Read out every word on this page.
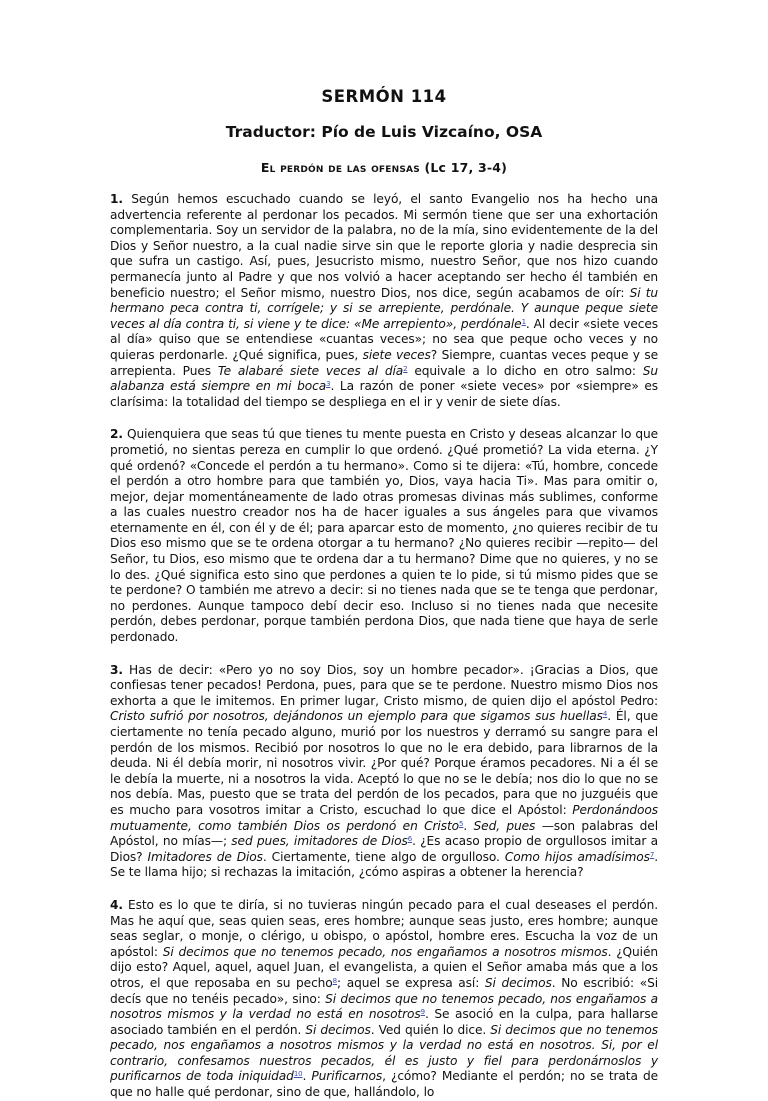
SERMÓN 114
Traductor: Pío de Luis Vizcaíno, OSA
El perdón de las ofensas (Lc 17, 3-4)

1. Según hemos escuchado cuando se leyó, el santo Evangelio nos ha hecho una advertencia referente al perdonar los pecados. Mi sermón tiene que ser una exhortación complementaria. Soy un servidor de la palabra, no de la mía, sino evidentemente de la del Dios y Señor nuestro, a la cual nadie sirve sin que le reporte gloria y nadie desprecia sin que sufra un castigo. Así, pues, Jesucristo mismo, nuestro Señor, que nos hizo cuando permanecía junto al Padre y que nos volvió a hacer aceptando ser hecho él también en beneficio nuestro; el Señor mismo, nuestro Dios, nos dice, según acabamos de oír: Si tu hermano peca contra ti, corrígele; y si se arrepiente, perdónale. Y aunque peque siete veces al día contra ti, si viene y te dice: «Me arrepiento», perdónale$^1$. Al decir «siete veces al día» quiso que se entendiese «cuantas veces»; no sea que peque ocho veces y no quieras perdonarle. ¿Qué significa, pues, siete veces? Siempre, cuantas veces peque y se arrepienta. Pues Te alabaré siete veces al día$^2$ equivale a lo dicho en otro salmo: Su alabanza está siempre en mi boca$^3$. La razón de poner «siete veces» por «siempre» es clarísima: la totalidad del tiempo se despliega en el ir y venir de siete días.

2. Quienquiera que seas tú que tienes tu mente puesta en Cristo y deseas alcanzar lo que prometió, no sientas pereza en cumplir lo que ordenó. ¿Qué prometió? La vida eterna. ¿Y qué ordenó? «Concede el perdón a tu hermano». Como si te dijera: «Tú, hombre, concede el perdón a otro hombre para que también yo, Dios, vaya hacia Ti». Mas para omitir o, mejor, dejar momentáneamente de lado otras promesas divinas más sublimes, conforme a las cuales nuestro creador nos ha de hacer iguales a sus ángeles para que vivamos eternamente en él, con él y de él; para aparcar esto de momento, ¿no quieres recibir de tu Dios eso mismo que se te ordena otorgar a tu hermano? ¿No quieres recibir —repito— del Señor, tu Dios, eso mismo que te ordena dar a tu hermano? Dime que no quieres, y no se lo des. ¿Qué significa esto sino que perdones a quien te lo pide, si tú mismo pides que se te perdone? O también me atrevo a decir: si no tienes nada que se te tenga que perdonar, no perdones. Aunque tampoco debí decir eso. Incluso si no tienes nada que necesite perdón, debes perdonar, porque también perdona Dios, que nada tiene que haya de serle perdonado.

3. Has de decir: «Pero yo no soy Dios, soy un hombre pecador». ¡Gracias a Dios, que confiesas tener pecados! Perdona, pues, para que se te perdone. Nuestro mismo Dios nos exhorta a que le imitemos. En primer lugar, Cristo mismo, de quien dijo el apóstol Pedro: Cristo sufrió por nosotros, dejándonos un ejemplo para que sigamos sus huellas$^4$. Él, que ciertamente no tenía pecado alguno, murió por los nuestros y derramó su sangre para el perdón de los mismos. Recibió por nosotros lo que no le era debido, para librarnos de la deuda. Ni él debía morir, ni nosotros vivir. ¿Por qué? Porque éramos pecadores. Ni a él se le debía la muerte, ni a nosotros la vida. Aceptó lo que no se le debía; nos dio lo que no se nos debía. Mas, puesto que se trata del perdón de los pecados, para que no juzguéis que es mucho para vosotros imitar a Cristo, escuchad lo que dice el Apóstol: Perdonándoos mutuamente, como también Dios os perdonó en Cristo$^5$. Sed, pues —son palabras del Apóstol, no mías—; sed pues, imitadores de Dios$^6$. ¿Es acaso propio de orgullosos imitar a Dios? Imitadores de Dios. Ciertamente, tiene algo de orgulloso. Como hijos amadísimos$^7$. Se te llama hijo; si rechazas la imitación, ¿cómo aspiras a obtener la herencia?

4. Esto es lo que te diría, si no tuvieras ningún pecado para el cual deseases el perdón. Mas he aquí que, seas quien seas, eres hombre; aunque seas justo, eres hombre; aunque seas seglar, o monje, o clérigo, u obispo, o apóstol, hombre eres. Escucha la voz de un apóstol: Si decimos que no tenemos pecado, nos engañamos a nosotros mismos. ¿Quién dijo esto? Aquel, aquel, aquel Juan, el evangelista, a quien el Señor amaba más que a los otros, el que reposaba en su pecho$^8$; aquel se expresa así: Si decimos. No escribió: «Si decís que no tenéis pecado», sino: Si decimos que no tenemos pecado, nos engañamos a nosotros mismos y la verdad no está en nosotros$^9$. Se asoció en la culpa, para hallarse asociado también en el perdón. Si decimos. Ved quién lo dice. Si decimos que no tenemos pecado, nos engañamos a nosotros mismos y la verdad no está en nosotros. Si, por el contrario, confesamos nuestros pecados, él es justo y fiel para perdonárnoslos y purificarnos de toda iniquidad$^{10}$. Purificarnos, ¿cómo? Mediante el perdón; no se trata de que no halle qué perdonar, sino de que, hallándolo, lo
